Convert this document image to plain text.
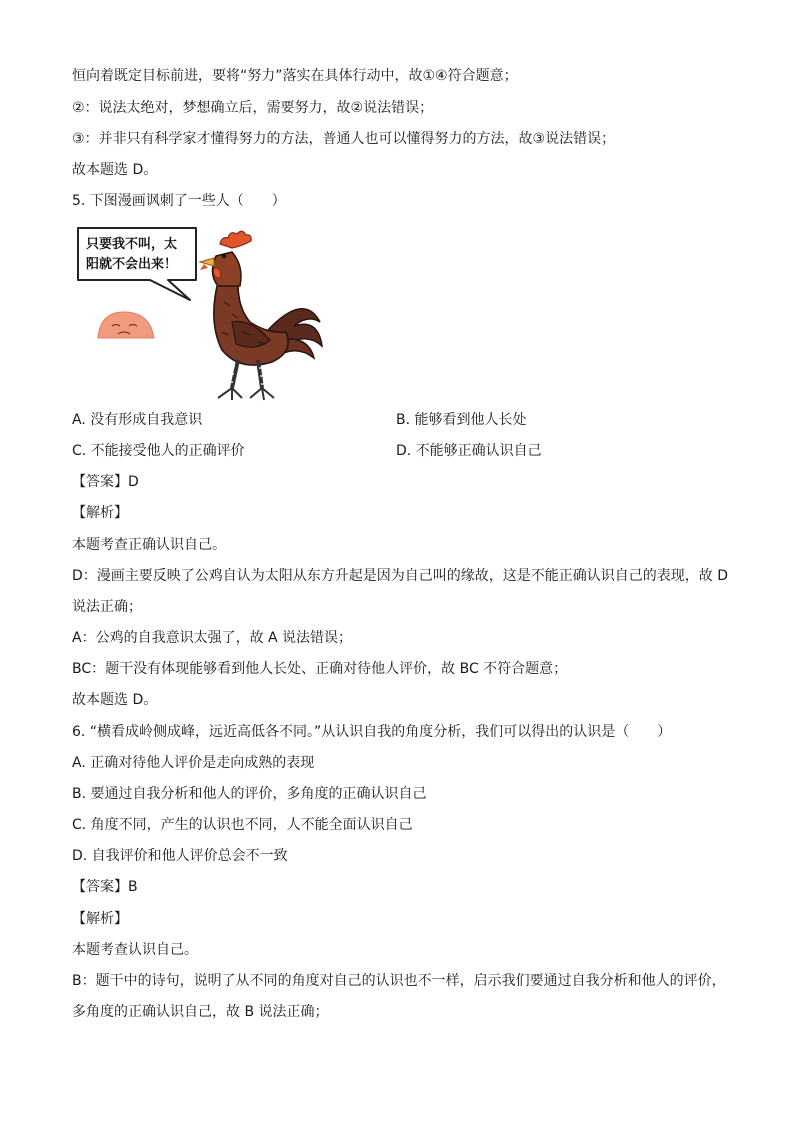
恒向着既定目标前进，要将“努力”落实在具体行动中，故①④符合题意；
②：说法太绝对，梦想确立后，需要努力，故②说法错误；
③：并非只有科学家才懂得努力的方法，普通人也可以懂得努力的方法，故③说法错误；
故本题选 D。
5. 下图漫画讽刺了一些人（　　）
只要我不叫，太
阳就不会出来！
A. 没有形成自我意识	B. 能够看到他人长处
C. 不能接受他人的正确评价	D. 不能够正确认识自己
【答案】D
【解析】
本题考查正确认识自己。
D：漫画主要反映了公鸡自认为太阳从东方升起是因为自己叫的缘故，这是不能正确认识自己的表现，故 D
说法正确；
A：公鸡的自我意识太强了，故 A 说法错误；
BC：题干没有体现能够看到他人长处、正确对待他人评价，故 BC 不符合题意；
故本题选 D。
6. “横看成岭侧成峰，远近高低各不同。”从认识自我的角度分析，我们可以得出的认识是（　　）
A. 正确对待他人评价是走向成熟的表现
B. 要通过自我分析和他人的评价，多角度的正确认识自己
C. 角度不同，产生的认识也不同，人不能全面认识自己
D. 自我评价和他人评价总会不一致
【答案】B
【解析】
本题考查认识自己。
B：题干中的诗句，说明了从不同的角度对自己的认识也不一样，启示我们要通过自我分析和他人的评价，
多角度的正确认识自己，故 B 说法正确；
